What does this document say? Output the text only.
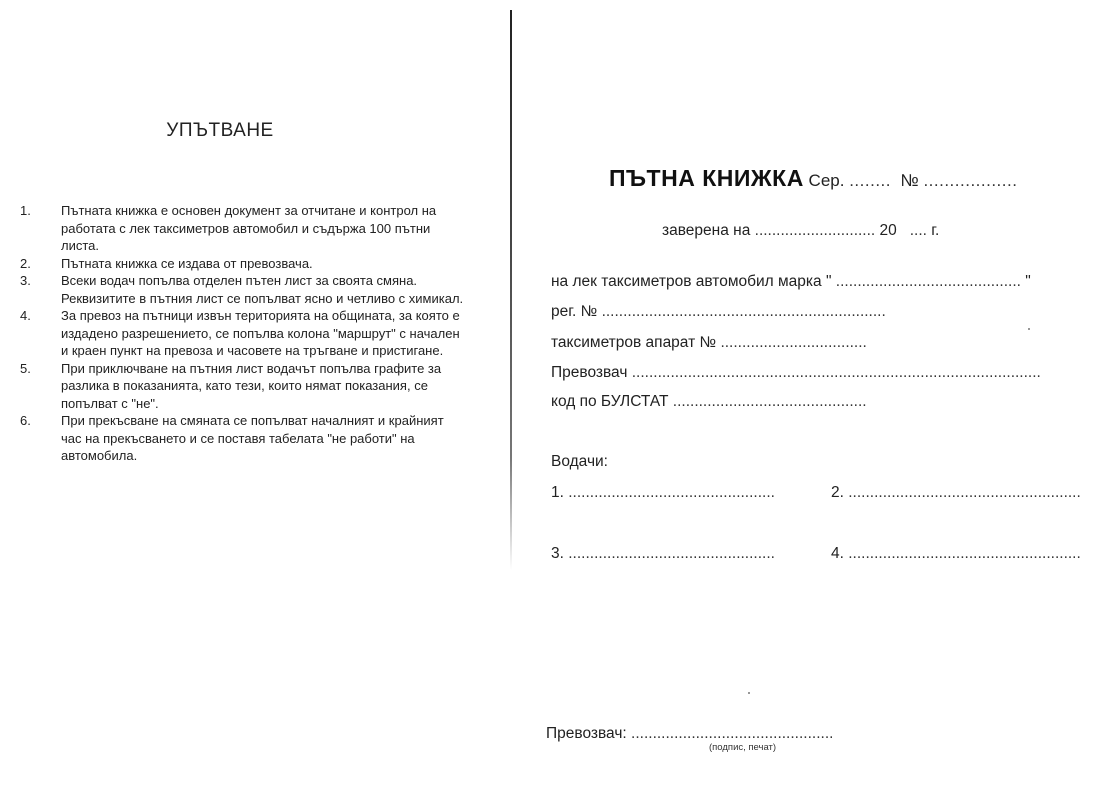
УПЪТВАНЕ
1.	Пътната книжка е основен документ за отчитане и контрол на работата с лек таксиметров автомобил и съдържа 100 пътни листа.

2.	Пътната книжка се издава от превозвача.

3.	Всеки водач попълва отделен пътен лист за своята смяна.

Реквизитите в пътния лист се попълват ясно и четливо с химикал.

4.	За превоз на пътници извън територията на общината, за която е издадено разрешението, се попълва колона "маршрут" с начален и краен пункт на превоза и часовете на тръгване и пристигане.

5.	При приключване на пътния лист водачът попълва графите за разлика в показанията, като тези, които нямат показания, се попълват с "не".

6.	При прекъсване на смяната се попълват началният и крайният час на прекъсването и се поставя табелата "не работи" на автомобила.

ПЪТНА КНИЖКА Сер. ........ № ..................
заверена на ............................ 20 .... г.
на лек таксиметров автомобил марка " ........................................... "
рег. № ..................................................................
таксиметров апарат № ..................................
Превозвач ...............................................................................................
код по БУЛСТАТ .............................................
Водачи:
1. ................................................	2. ......................................................
3. ................................................	4. ......................................................
Превозвач: ...............................................
(подпис, печат)
